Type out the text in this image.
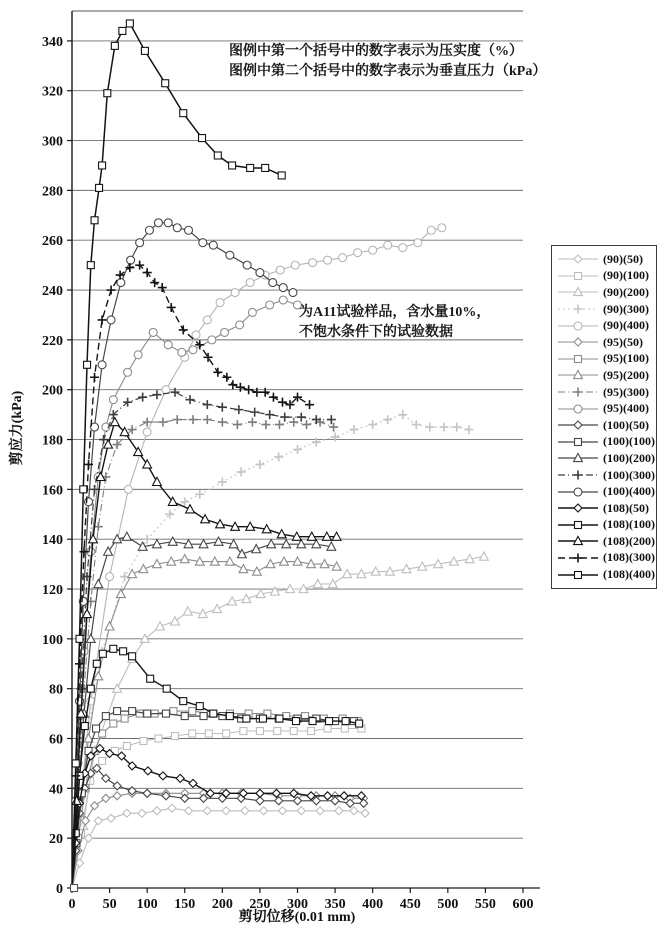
0
20
40
60
80
100
120
140
160
180
200
220
240
260
280
300
320
340
0 50 100 150 200 250 300 350 400 450 500 550 600
图例中第一个括号中的数字表示为压实度（%）
图例中第二个括号中的数字表示为垂直压力（kPa）
为A11试验样品，含水量10%，
不饱水条件下的试验数据
剪应力(kPa)
剪切位移(0.01 mm)
(90)(50)
(90)(100)
(90)(200)
(90)(300)
(90)(400)
(95)(50)
(95)(100)
(95)(200)
(95)(300)
(95)(400)
(100)(50)
(100)(100)
(100)(200)
(100)(300)
(100)(400)
(108)(50)
(108)(100)
(108)(200)
(108)(300)
(108)(400)
